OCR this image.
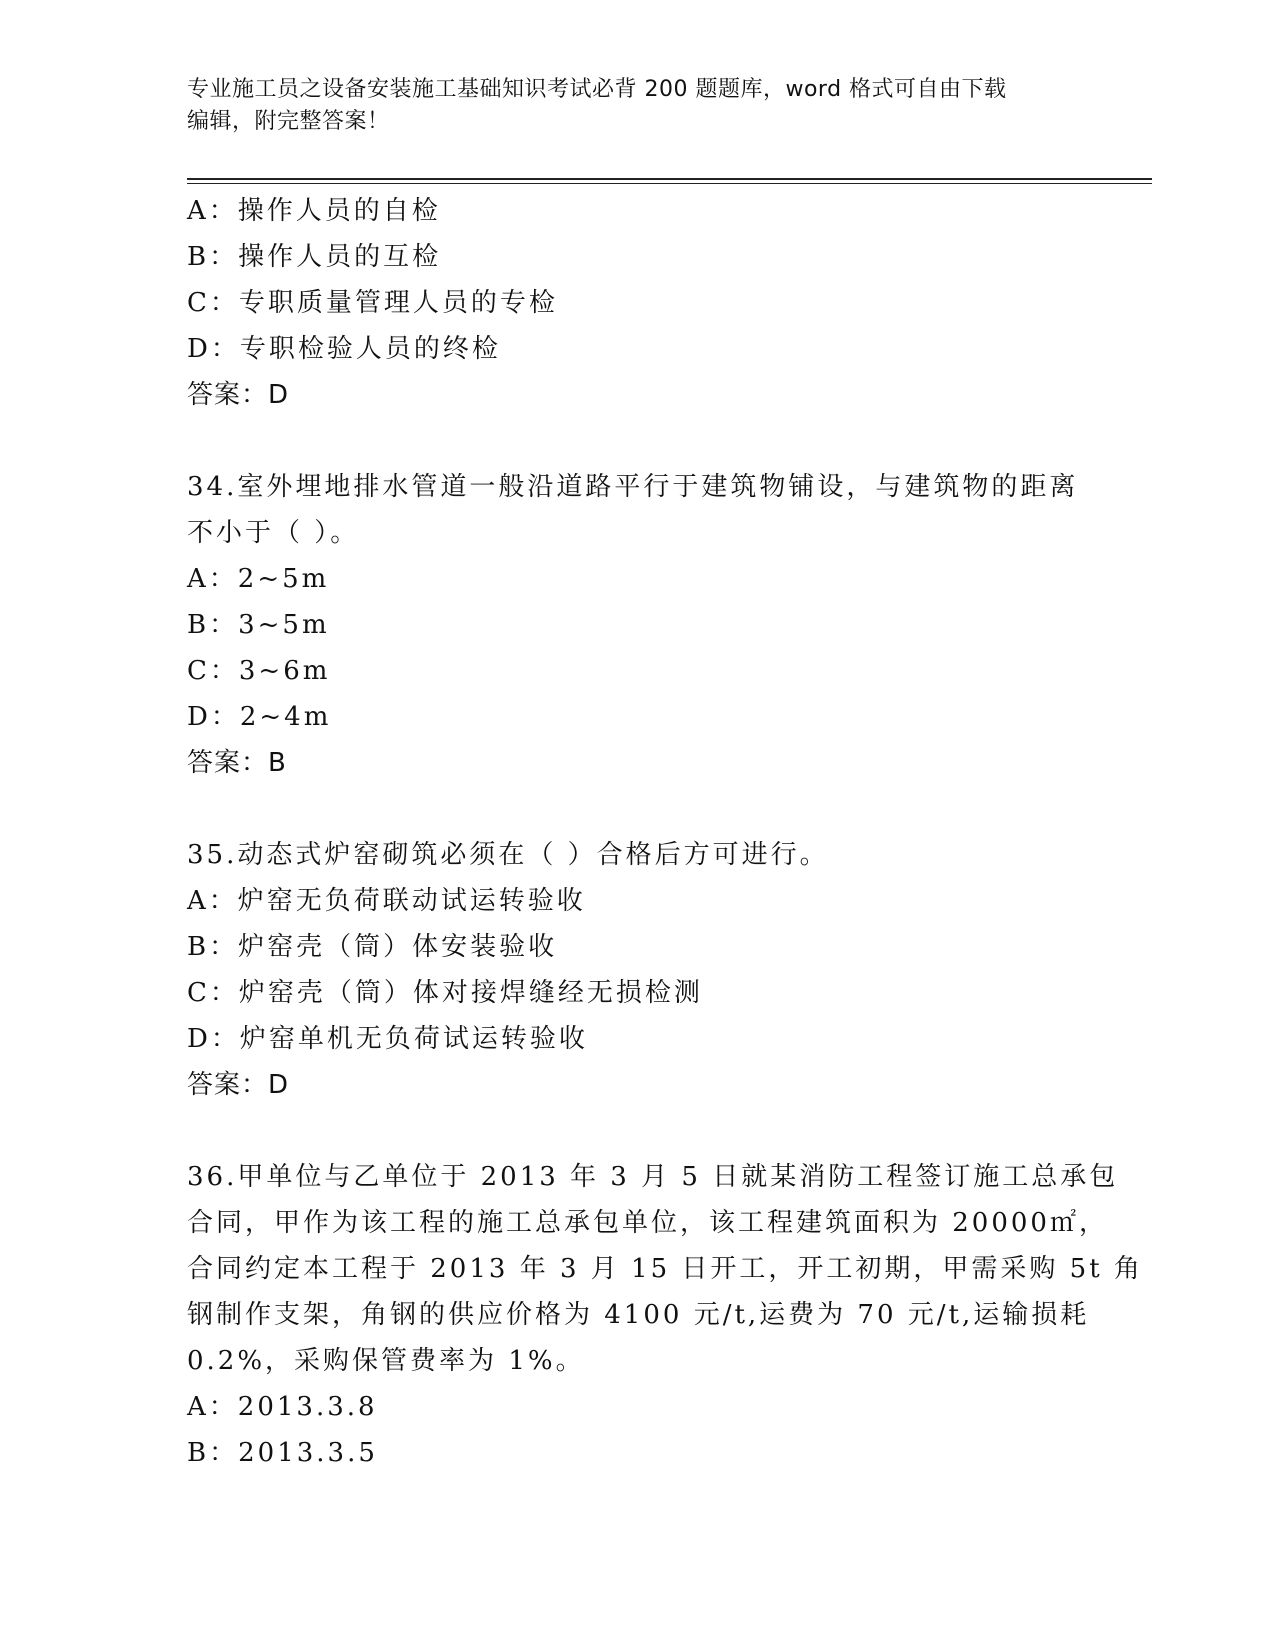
专业施工员之设备安装施工基础知识考试必背 200 题题库，word 格式可自由下载
编辑，附完整答案！
A：操作人员的自检
B：操作人员的互检
C：专职质量管理人员的专检
D：专职检验人员的终检
答案：D
34.室外埋地排水管道一般沿道路平行于建筑物铺设，与建筑物的距离
不小于（ ）。
A：2~5m
B：3~5m
C：3~6m
D：2~4m
答案：B
35.动态式炉窑砌筑必须在（ ）合格后方可进行。
A：炉窑无负荷联动试运转验收
B：炉窑壳（筒）体安装验收
C：炉窑壳（筒）体对接焊缝经无损检测
D：炉窑单机无负荷试运转验收
答案：D
36.甲单位与乙单位于 2013 年 3 月 5 日就某消防工程签订施工总承包
合同，甲作为该工程的施工总承包单位，该工程建筑面积为 20000㎡，
合同约定本工程于 2013 年 3 月 15 日开工，开工初期，甲需采购 5t 角
钢制作支架，角钢的供应价格为 4100 元/t,运费为 70 元/t,运输损耗
0.2%，采购保管费率为 1%。
A：2013.3.8
B：2013.3.5
